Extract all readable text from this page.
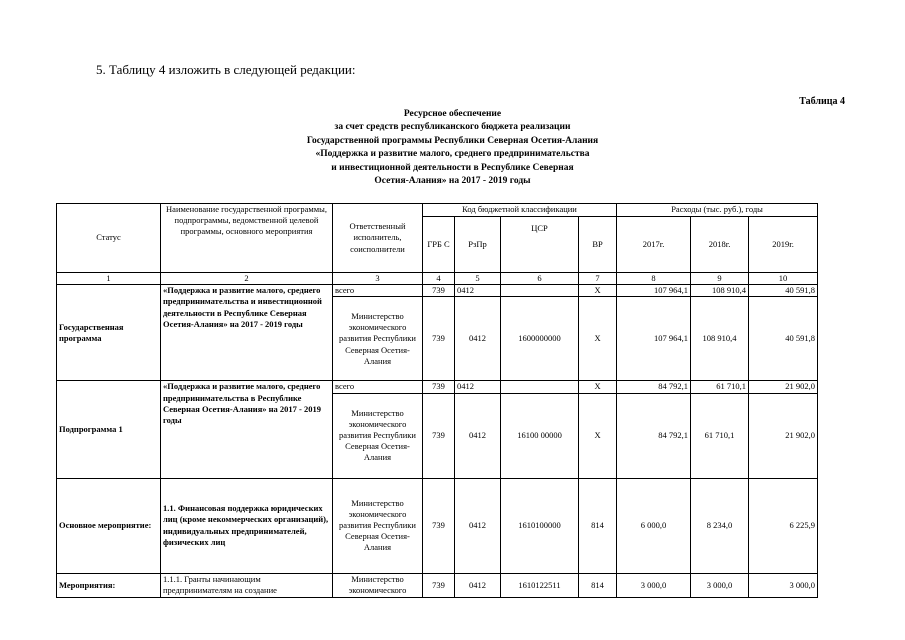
5. Таблицу 4 изложить в следующей редакции:
Таблица 4
Ресурсное обеспечение
за счет средств республиканского бюджета реализации
Государственной программы Республики Северная Осетия-Алания
«Поддержка и развитие малого, среднего предпринимательства
и инвестиционной деятельности в Республике Северная
Осетия-Алания» на 2017 - 2019 годы
Статус	Наименование государственной программы, подпрограммы, ведомственной целевой программы, основного мероприятия	Ответственный исполнитель, соисполнители	Код бюджетной классификации				Расходы (тыс. руб.), годы		
			ГРБ С	РзПр	ЦСР	ВР	2017г.	2018г.	2019г.
1	2	3	4	5	6	7	8	9	10
Государственная программа	«Поддержка и развитие малого, среднего предпринимательства и инвестиционной деятельности в Республике Северная Осетия-Алания» на 2017 - 2019 годы	всего	739	0412		Х	107 964,1	108 910,4	40 591,8
		Министерство экономического развития Республики Северная Осетия-Алания	739	0412	1600000000	Х	107 964,1	108 910,4	40 591,8
Подпрограмма 1	«Поддержка и развитие малого, среднего предпринимательства в Республике Северная Осетия-Алания» на 2017 - 2019 годы	всего	739	0412		Х	84 792,1	61 710,1	21 902,0
		Министерство экономического развития Республики Северная Осетия-Алания	739	0412	16100 00000	Х	84 792,1	61 710,1	21 902,0
Основное мероприятие:	1.1. Финансовая поддержка юридических лиц (кроме некоммерческих организаций), индивидуальных предпринимателей, физических лиц	Министерство экономического развития Республики Северная Осетия-Алания	739	0412	1610100000	814	6 000,0	8 234,0	6 225,9
Мероприятия:	1.1.1. Гранты начинающим предпринимателям на создание	Министерство экономического	739	0412	1610122511	814	3 000,0	3 000,0	3 000,0
